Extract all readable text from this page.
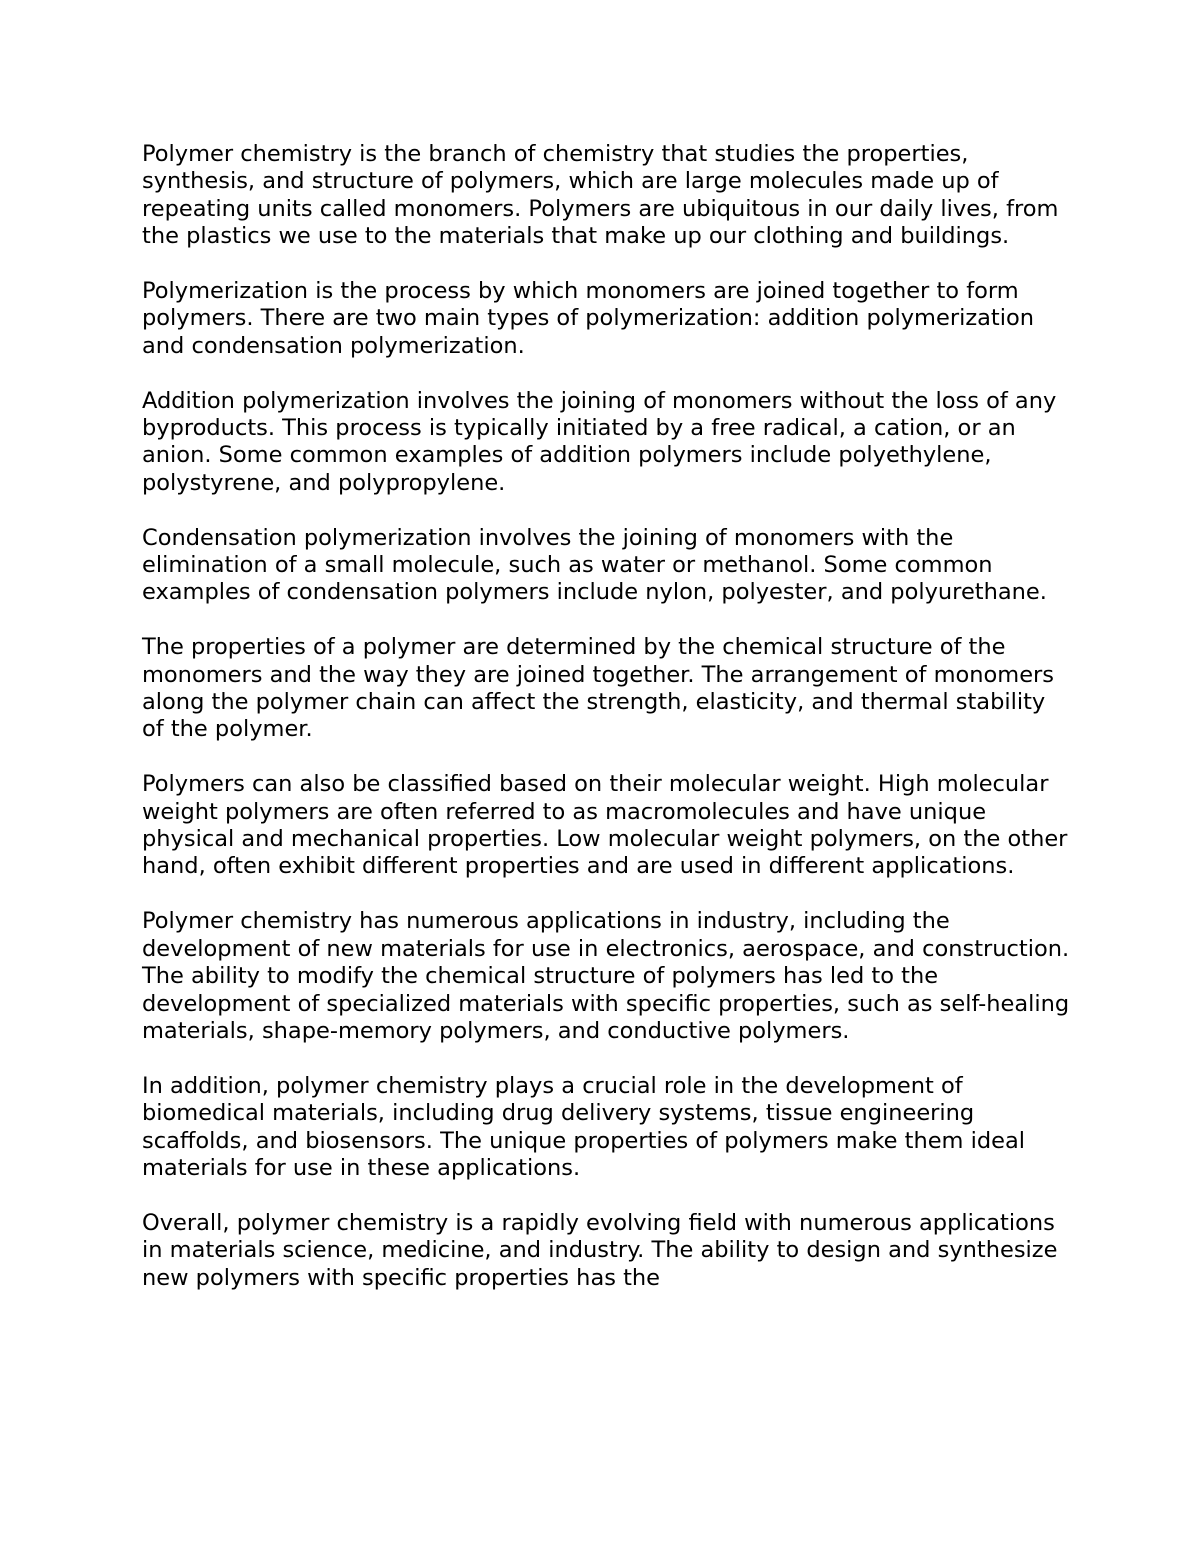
Polymer chemistry is the branch of chemistry that studies the properties, synthesis, and structure of polymers, which are large molecules made up of repeating units called monomers. Polymers are ubiquitous in our daily lives, from the plastics we use to the materials that make up our clothing and buildings.

Polymerization is the process by which monomers are joined together to form polymers. There are two main types of polymerization: addition polymerization and condensation polymerization.

Addition polymerization involves the joining of monomers without the loss of any byproducts. This process is typically initiated by a free radical, a cation, or an anion. Some common examples of addition polymers include polyethylene, polystyrene, and polypropylene.

Condensation polymerization involves the joining of monomers with the elimination of a small molecule, such as water or methanol. Some common examples of condensation polymers include nylon, polyester, and polyurethane.

The properties of a polymer are determined by the chemical structure of the monomers and the way they are joined together. The arrangement of monomers along the polymer chain can affect the strength, elasticity, and thermal stability of the polymer.

Polymers can also be classified based on their molecular weight. High molecular weight polymers are often referred to as macromolecules and have unique physical and mechanical properties. Low molecular weight polymers, on the other hand, often exhibit different properties and are used in different applications.

Polymer chemistry has numerous applications in industry, including the development of new materials for use in electronics, aerospace, and construction. The ability to modify the chemical structure of polymers has led to the development of specialized materials with specific properties, such as self-healing materials, shape-memory polymers, and conductive polymers.

In addition, polymer chemistry plays a crucial role in the development of biomedical materials, including drug delivery systems, tissue engineering scaffolds, and biosensors. The unique properties of polymers make them ideal materials for use in these applications.

Overall, polymer chemistry is a rapidly evolving field with numerous applications in materials science, medicine, and industry. The ability to design and synthesize new polymers with specific properties has the
